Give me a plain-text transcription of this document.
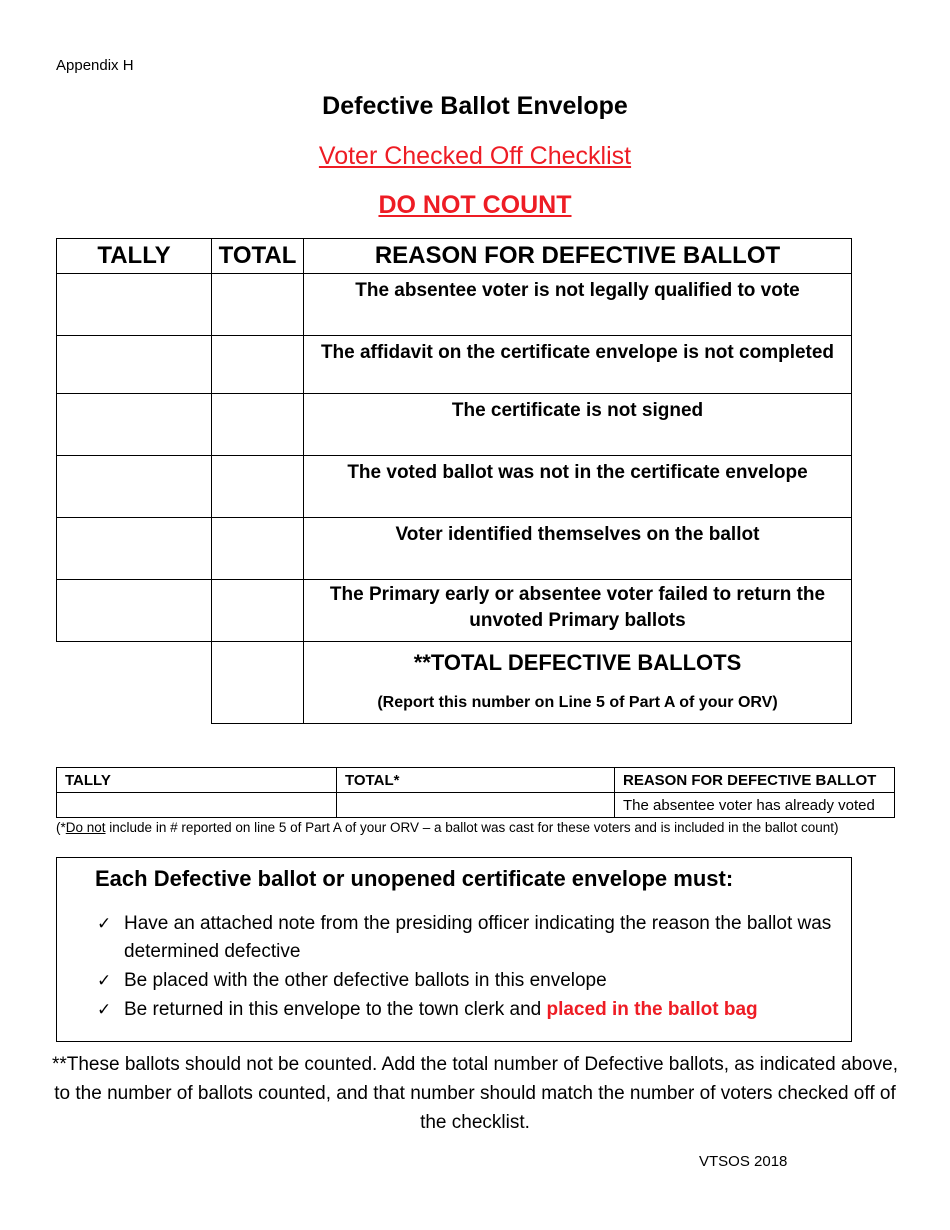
Appendix H
Defective Ballot Envelope
Voter Checked Off Checklist
DO NOT COUNT
TALLY	TOTAL	REASON FOR DEFECTIVE BALLOT
		The absentee voter is not legally qualified to vote
		The affidavit on the certificate envelope is not completed
		The certificate is not signed
		The voted ballot was not in the certificate envelope
		Voter identified themselves on the ballot
		The Primary early or absentee voter failed to return the unvoted Primary ballots

		**TOTAL DEFECTIVE BALLOTS
(Report this number on Line 5 of Part A of your ORV)
TALLY	TOTAL*	REASON FOR DEFECTIVE BALLOT
		The absentee voter has already voted
(*Do not include in # reported on line 5 of Part A of your ORV – a ballot was cast for these voters and is included in the ballot count)
Each Defective ballot or unopened certificate envelope must:
✓ Have an attached note from the presiding officer indicating the reason the ballot was determined defective
✓ Be placed with the other defective ballots in this envelope
✓ Be returned in this envelope to the town clerk and placed in the ballot bag
**These ballots should not be counted. Add the total number of Defective ballots, as indicated above, to the number of ballots counted, and that number should match the number of voters checked off of the checklist.
VTSOS 2018
